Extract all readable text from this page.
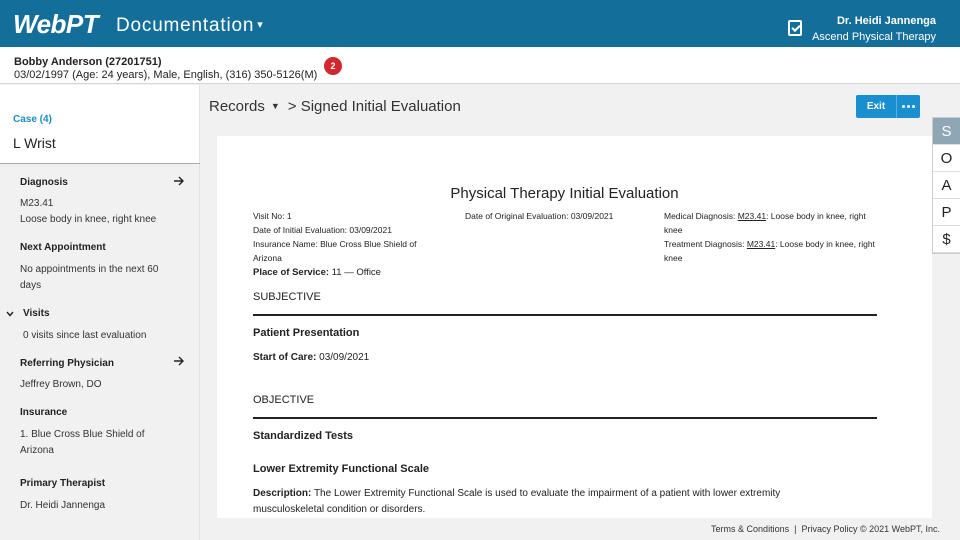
WebPT Documentation ▾	Dr. Heidi Jannenga
Ascend Physical Therapy
Bobby Anderson (27201751)
03/02/1997 (Age: 24 years), Male, English, (316) 350-5126(M)
2
Case (4)
L Wrist
Diagnosis
M23.41
Loose body in knee, right knee
Next Appointment
No appointments in the next 60 days
Visits
0 visits since last evaluation
Referring Physician
Jeffrey Brown, DO
Insurance
1. Blue Cross Blue Shield of Arizona
Primary Therapist
Dr. Heidi Jannenga
Records ▼ > Signed Initial Evaluation	Exit
S
O
A
P
$
Physical Therapy Initial Evaluation
Visit No: 1
Date of Initial Evaluation: 03/09/2021
Insurance Name: Blue Cross Blue Shield of Arizona
Place of Service: 11 — Office
Date of Original Evaluation: 03/09/2021	Medical Diagnosis: M23.41: Loose body in knee, right knee
Treatment Diagnosis: M23.41: Loose body in knee, right knee
SUBJECTIVE
Patient Presentation
Start of Care: 03/09/2021
OBJECTIVE
Standardized Tests
Lower Extremity Functional Scale
Description: The Lower Extremity Functional Scale is used to evaluate the impairment of a patient with lower extremity musculoskeletal condition or disorders.
Terms & Conditions | Privacy Policy © 2021 WebPT, Inc.
